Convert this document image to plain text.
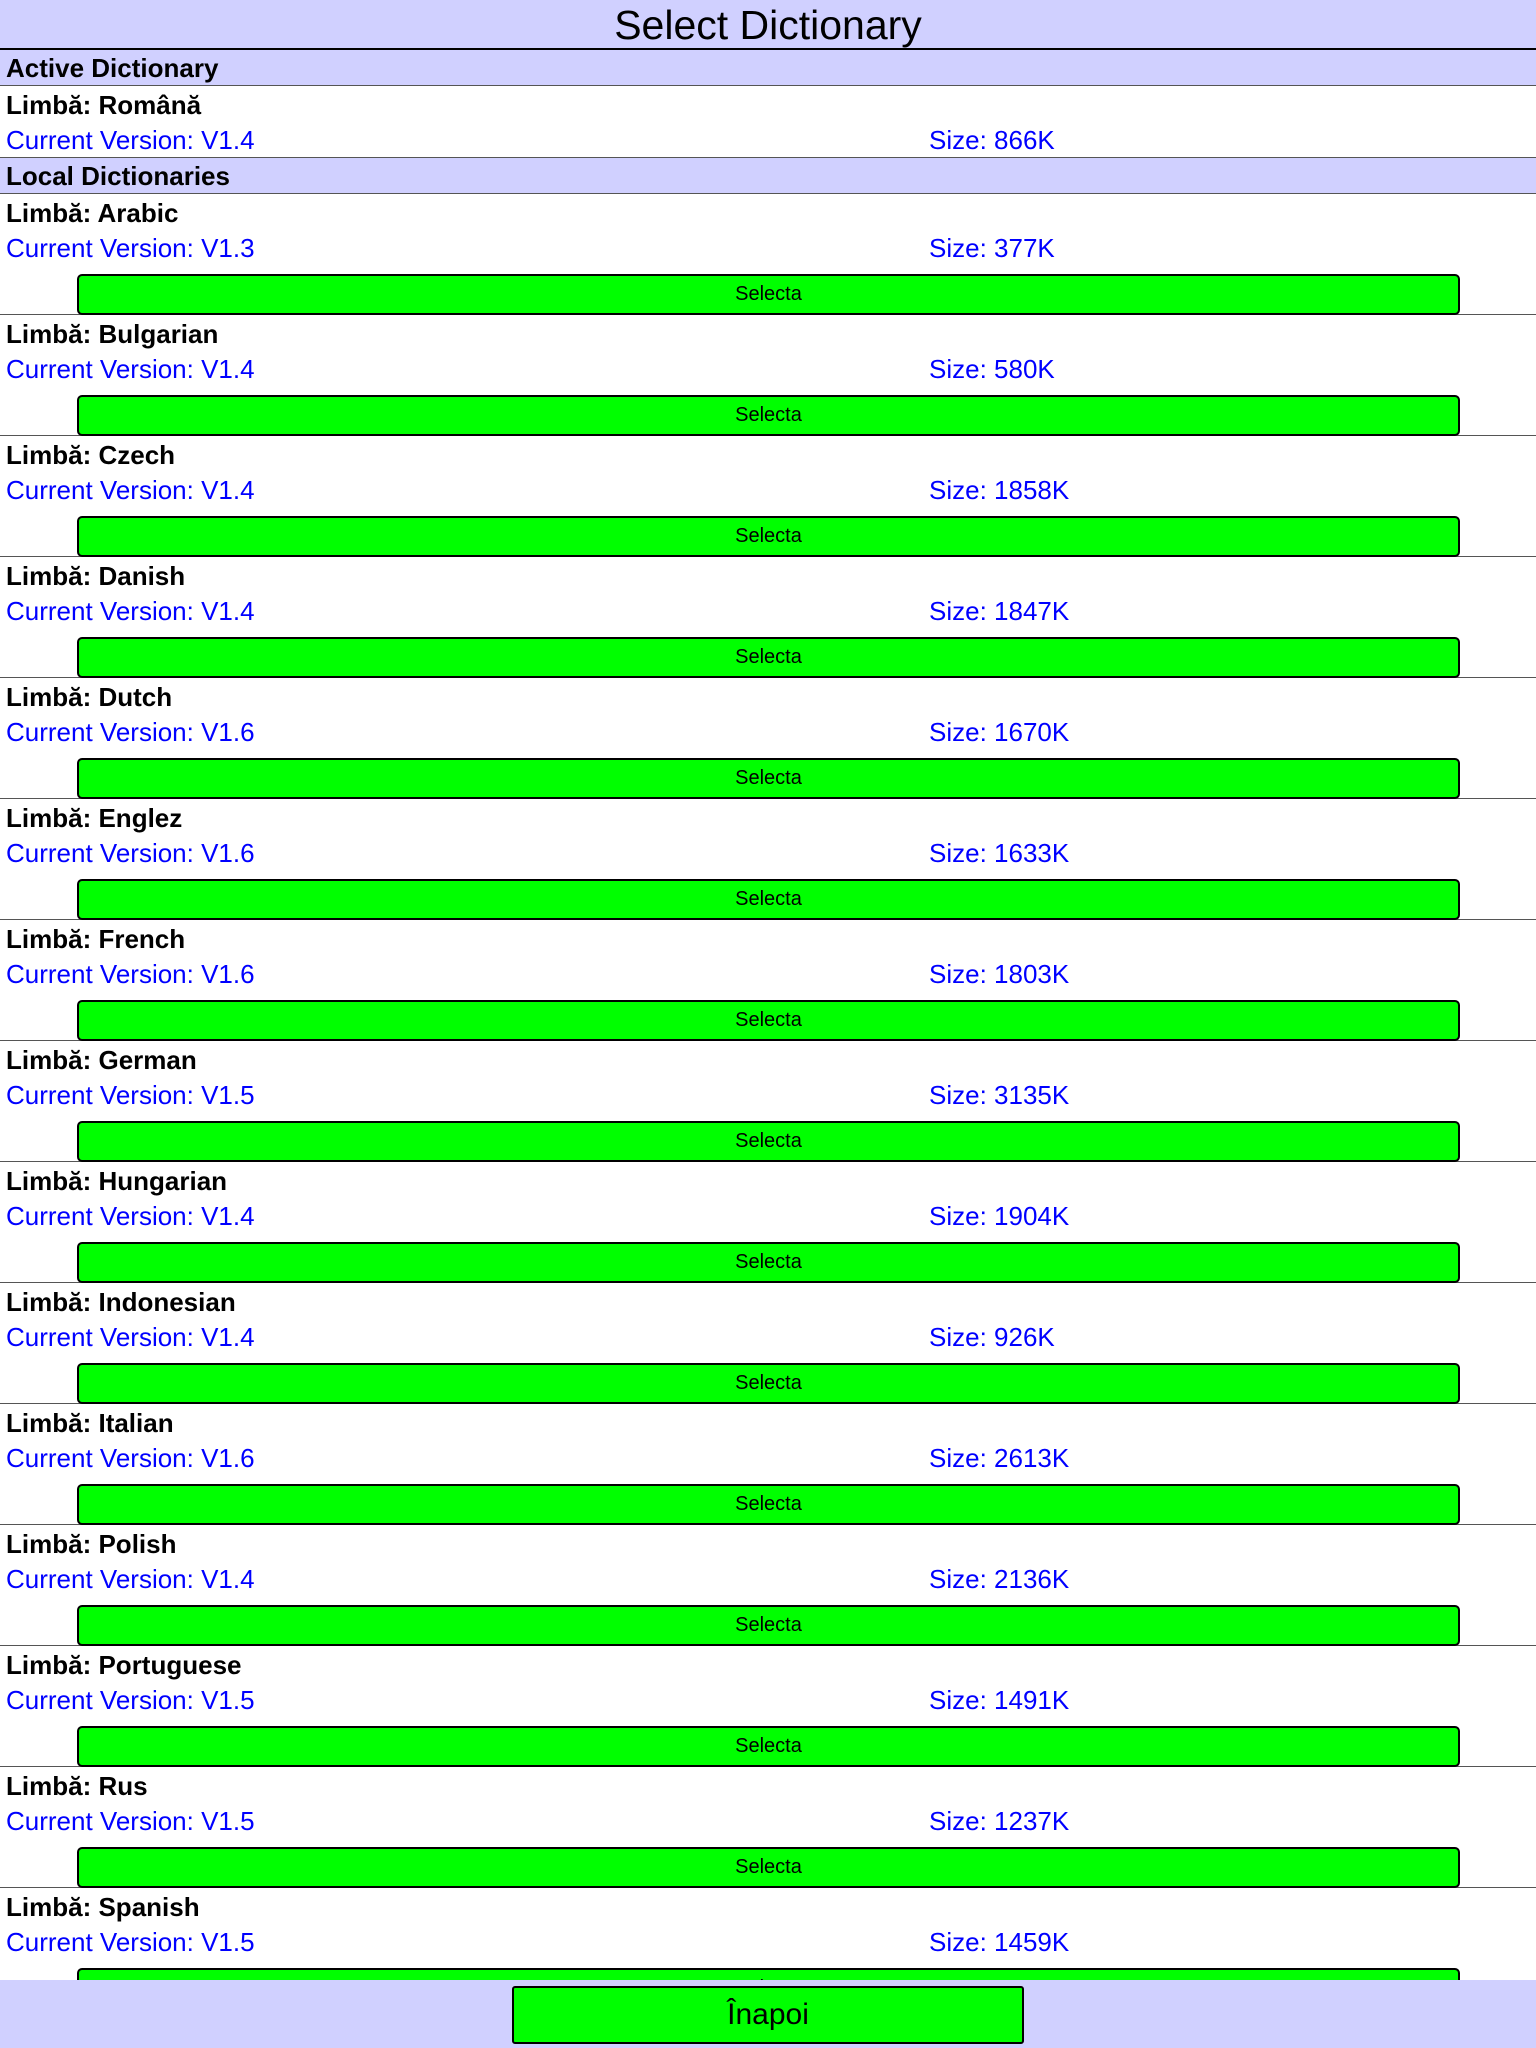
Select Dictionary
Active Dictionary
Limbă: Română
Current Version: V1.4	Size: 866K
Local Dictionaries
Limbă: Arabic
Current Version: V1.3	Size: 377K
Selecta
Limbă: Bulgarian
Current Version: V1.4	Size: 580K
Selecta
Limbă: Czech
Current Version: V1.4	Size: 1858K
Selecta
Limbă: Danish
Current Version: V1.4	Size: 1847K
Selecta
Limbă: Dutch
Current Version: V1.6	Size: 1670K
Selecta
Limbă: Englez
Current Version: V1.6	Size: 1633K
Selecta
Limbă: French
Current Version: V1.6	Size: 1803K
Selecta
Limbă: German
Current Version: V1.5	Size: 3135K
Selecta
Limbă: Hungarian
Current Version: V1.4	Size: 1904K
Selecta
Limbă: Indonesian
Current Version: V1.4	Size: 926K
Selecta
Limbă: Italian
Current Version: V1.6	Size: 2613K
Selecta
Limbă: Polish
Current Version: V1.4	Size: 2136K
Selecta
Limbă: Portuguese
Current Version: V1.5	Size: 1491K
Selecta
Limbă: Rus
Current Version: V1.5	Size: 1237K
Selecta
Limbă: Spanish
Current Version: V1.5	Size: 1459K
Înapoi
